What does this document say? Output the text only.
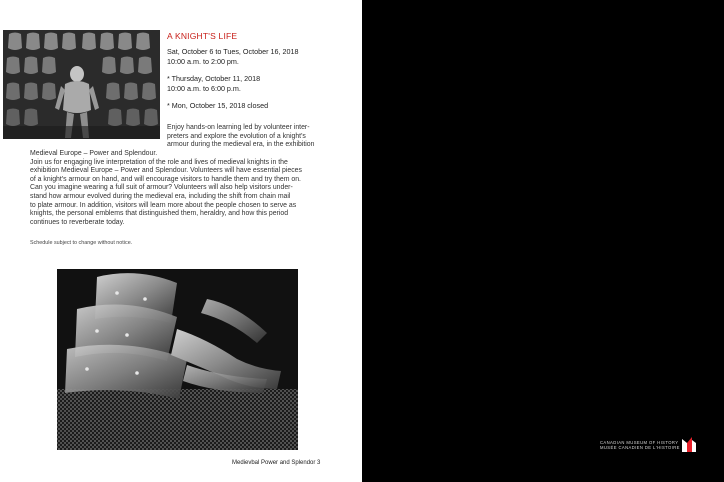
A KNIGHT'S LIFE
Sat, October 6 to Tues, October 16, 2018
10:00 a.m. to 2:00 pm.
* Thursday, October 11, 2018
10:00 a.m. to 6:00 p.m.
* Mon, October 15, 2018 closed
Enjoy hands-on learning led by volunteer inter-
preters and explore the evolution of a knight's
armour during the medieval era, in the exhibition
Medieval Europe – Power and Splendour.
Join us for engaging live interpretation of the role and lives of medieval knights in the
exhibition Medieval Europe – Power and Splendour. Volunteers will have essential pieces
of a knight's armour on hand, and will encourage visitors to handle them and try them on.
Can you imagine wearing a full suit of armour? Volunteers will also help visitors under-
stand how armour evolved during the medieval era, including the shift from chain mail
to plate armour. In addition, visitors will learn more about the people chosen to serve as
knights, the personal emblems that distinguished them, heraldry, and how this period
continues to reverberate today.
Schedule subject to change without notice.
Medievbal Power and Splendor 3
CANADIAN MUSEUM OF HISTORY
MUSÉE CANADIEN DE L'HISTOIRE
